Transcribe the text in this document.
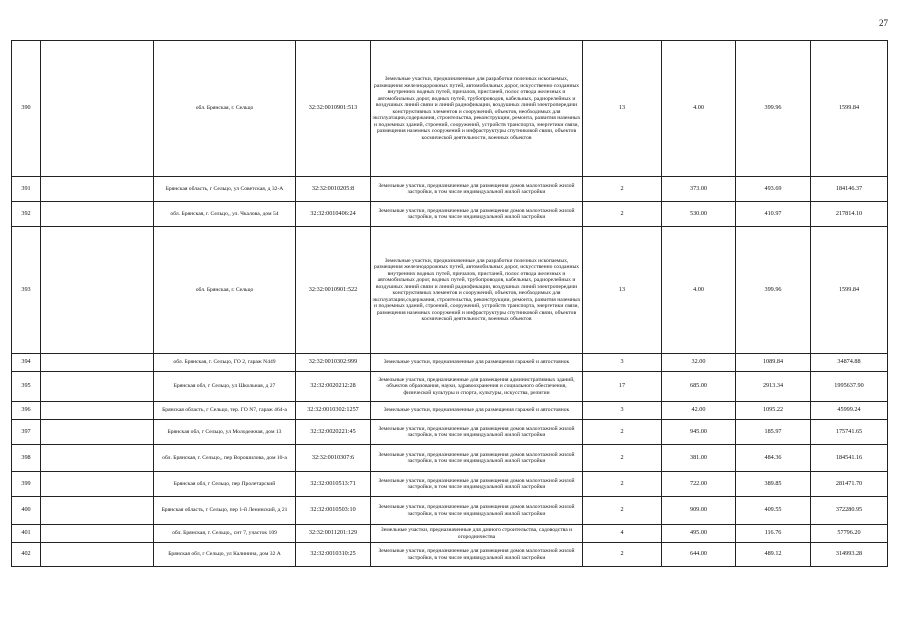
27
390		обл. Брянская, г. Сельцо	32:32:0010901:513	Земельные участки, предназначенные для разработки полезных ископаемых, размещения железнодорожных путей, автомобильных дорог, искусственно созданных внутренних водных путей, причалов, пристаней, полос отвода железных и автомобильных дорог, водных путей, трубопроводов, кабельных, радиорелейных и воздушных линий связи и линий радиофикации, воздушных линий электропередачи конструктивных элементов и сооружений, объектов, необходимых для эксплуатации,содержания, строительства, реконструкции, ремонта, развития наземных и подземных зданий, строений, сооружений, устройств транспорта, энергетики связи, размещения наземных сооружений и инфраструктуры спутниковой связи, объектов космической деятельности, военных объектов	13	4.00	399.96	1599.84
391		Брянская область, г Сельцо, ул Советская, д 32-А	32:32:0010205:8	Земельные участки, предназначенные для размещения домов малоэтажной жилой застройки, в том числе индивидуальной жилой застройки	2	373.00	493.69	184146.37
392		обл. Брянская, г. Сельцо,, ул. Чкалова, дом 54	32:32:0010406:24	Земельные участки, предназначенные для размещения домов малоэтажной жилой застройки, в том числе индивидуальной жилой застройки	2	530.00	410.97	217814.10
393		обл. Брянская, г. Сельцо	32:32:0010901:522	Земельные участки, предназначенные для разработки полезных ископаемых, размещения железнодорожных путей, автомобильных дорог, искусственно созданных внутренних водных путей, причалов, пристаней, полос отвода железных и автомобильных дорог, водных путей, трубопроводов, кабельных, радиорелейных и воздушных линий связи и линий радиофикации, воздушных линий электропередачи конструктивных элементов и сооружений, объектов, необходимых для эксплуатации,содержания, строительства, реконструкции, ремонта, развития наземных и подземных зданий, строений, сооружений, устройств транспорта, энергетики связи, размещения наземных сооружений и инфраструктуры спутниковой связи, объектов космической деятельности, военных объектов	13	4.00	399.96	1599.84
394		обл. Брянская, г. Сельцо, ГО 2, гараж N449	32:32:0010302:999	Земельные участки, предназначенные для размещения гаражей и автостоянок	3	32.00	1089.84	34874.88
395		Брянская обл, г Сельцо, ул Школьная, д 27	32:32:0020212:28	Земельные участки, предназначенные для размещения административных зданий, объектов образования, науки, здравоохранения и социального обеспечения, физической культуры и спорта, культуры, искусства, религии	17	685.00	2913.34	1995637.90
396		Брянская область, г Сельцо, тер. ГО N7, гараж 464-а	32:32:0010302:1257	Земельные участки, предназначенные для размещения гаражей и автостоянок	3	42.00	1095.22	45999.24
397		Брянская обл, г Сельцо, ул Молодежная, дом 13	32:32:0020221:45	Земельные участки, предназначенные для размещения домов малоэтажной жилой застройки, в том числе индивидуальной жилой застройки	2	945.00	185.97	175741.65
398		обл. Брянская, г. Сельцо,, пер Ворошилова, дом 10-а	32:32:0010307:6	Земельные участки, предназначенные для размещения домов малоэтажной жилой застройки, в том числе индивидуальной жилой застройки	2	381.00	484.36	184541.16
399		Брянская обл, г Сельцо, пер Пролетарский	32:32:0010513:71	Земельные участки, предназначенные для размещения домов малоэтажной жилой застройки, в том числе индивидуальной жилой застройки	2	722.00	389.85	281471.70
400		Брянская область, г Сельцо, пер 1-й Ленинский, д 21	32:32:0010503:10	Земельные участки, предназначенные для размещения домов малоэтажной жилой застройки, в том числе индивидуальной жилой застройки	2	909.00	409.55	372280.95
401		обл. Брянская, г. Сельцо,, снт 7, участок 109	32:32:0011201:129	Земельные участки, предназначенные для дачного строительства, садоводства и огородничества	4	495.00	116.76	57796.20
402		Брянская обл, г Сельцо, ул Калинина, дом 32 А	32:32:0010310:25	Земельные участки, предназначенные для размещения домов малоэтажной жилой застройки, в том числе индивидуальной жилой застройки	2	644.00	489.12	314993.28
